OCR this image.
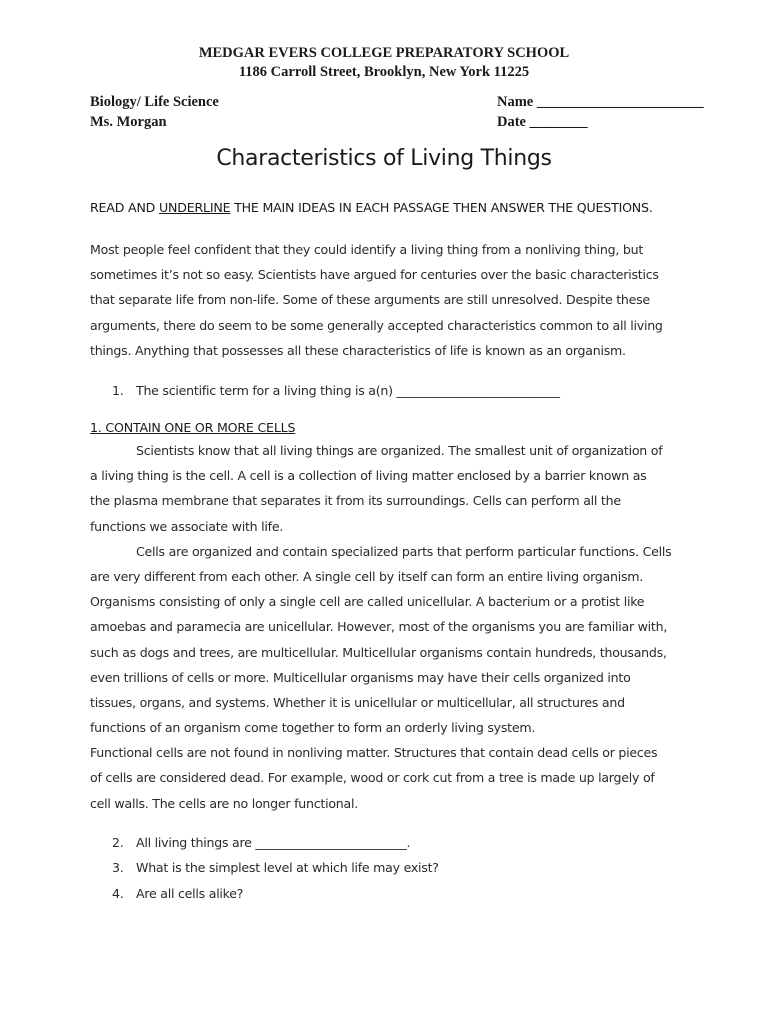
MEDGAR EVERS COLLEGE PREPARATORY SCHOOL
1186 Carroll Street, Brooklyn, New York 11225
Biology/ Life Science
Ms. Morgan
Name _______________________
Date ________
Characteristics of Living Things
READ AND UNDERLINE THE MAIN IDEAS IN EACH PASSAGE THEN ANSWER THE QUESTIONS.
Most people feel confident that they could identify a living thing from a nonliving thing, but
sometimes it’s not so easy. Scientists have argued for centuries over the basic characteristics
that separate life from non-life. Some of these arguments are still unresolved. Despite these
arguments, there do seem to be some generally accepted characteristics common to all living
things. Anything that possesses all these characteristics of life is known as an organism.
1. The scientific term for a living thing is a(n) ___________________________
1. CONTAIN ONE OR MORE CELLS
Scientists know that all living things are organized. The smallest unit of organization of
a living thing is the cell. A cell is a collection of living matter enclosed by a barrier known as
the plasma membrane that separates it from its surroundings. Cells can perform all the
functions we associate with life.
Cells are organized and contain specialized parts that perform particular functions. Cells
are very different from each other. A single cell by itself can form an entire living organism.
Organisms consisting of only a single cell are called unicellular. A bacterium or a protist like
amoebas and paramecia are unicellular. However, most of the organisms you are familiar with,
such as dogs and trees, are multicellular. Multicellular organisms contain hundreds, thousands,
even trillions of cells or more. Multicellular organisms may have their cells organized into
tissues, organs, and systems. Whether it is unicellular or multicellular, all structures and
functions of an organism come together to form an orderly living system.
Functional cells are not found in nonliving matter. Structures that contain dead cells or pieces
of cells are considered dead. For example, wood or cork cut from a tree is made up largely of
cell walls. The cells are no longer functional.
2. All living things are _________________________.
3. What is the simplest level at which life may exist?
4. Are all cells alike?
